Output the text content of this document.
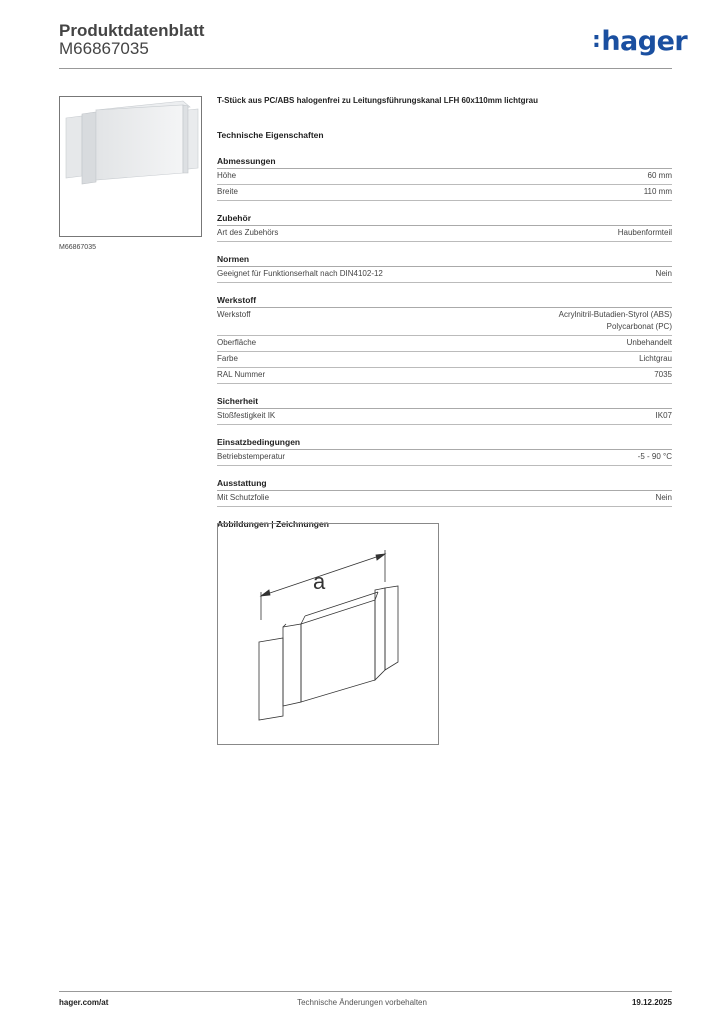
Produktdatenblatt
M66867035	:hager
M66867035
T-Stück aus PC/ABS halogenfrei zu Leitungsführungskanal LFH 60x110mm lichtgrau
Technische Eigenschaften
Abmessungen
Höhe	60 mm
Breite	110 mm
Zubehör
Art des Zubehörs	Haubenformteil
Normen
Geeignet für Funktionserhalt nach DIN4102-12	Nein
Werkstoff
Werkstoff	Acrylnitril-Butadien-Styrol (ABS)
Polycarbonat (PC)
Oberfläche	Unbehandelt
Farbe	Lichtgrau
RAL Nummer	7035
Sicherheit
Stoßfestigkeit IK	IK07
Einsatzbedingungen
Betriebstemperatur	-5 - 90 °C
Ausstattung
Mit Schutzfolie	Nein
Abbildungen | Zeichnungen
a
hager.com/at	Technische Änderungen vorbehalten	19.12.2025
